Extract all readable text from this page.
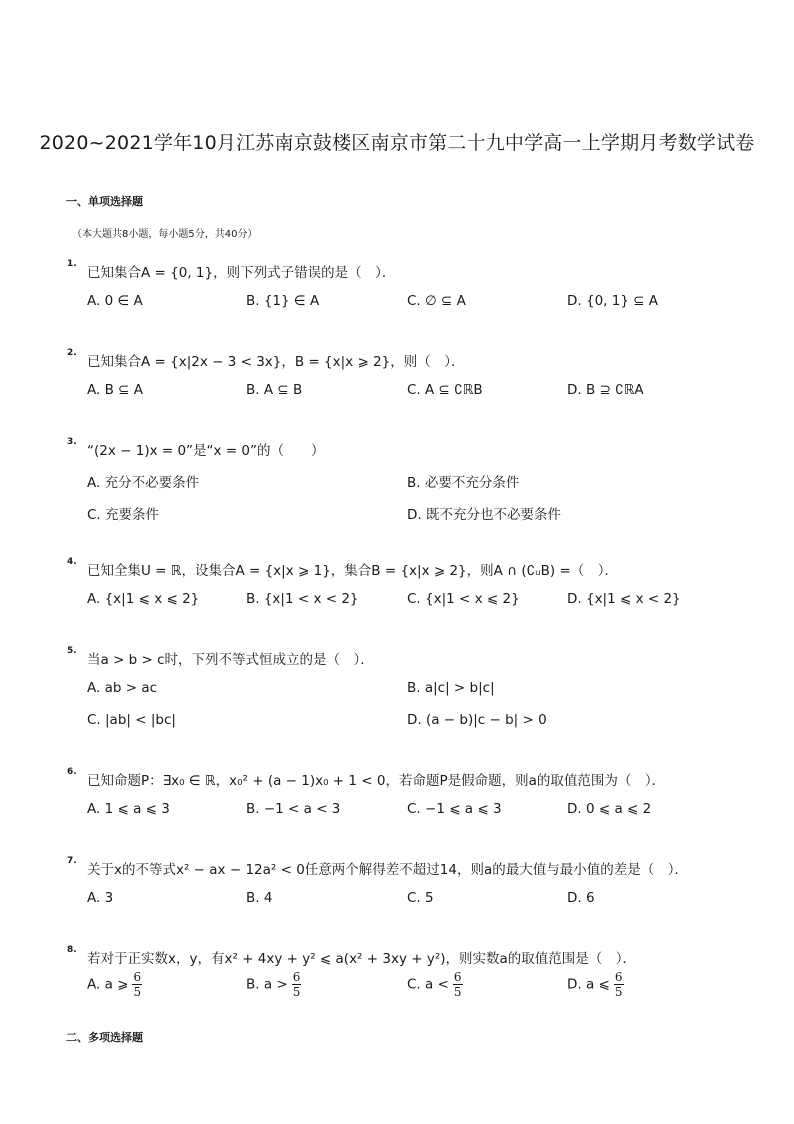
2020~2021学年10月江苏南京鼓楼区南京市第二十九中学高一上学期月考数学试卷
一、单项选择题
（本大题共8小题，每小题5分，共40分）
1.
已知集合A = {0, 1}，则下列式子错误的是（　）．
A. 0 ∈ A	B. {1} ∈ A	C. ∅ ⊆ A	D. {0, 1} ⊆ A
2.
已知集合A = {x|2x − 3 < 3x}，B = {x|x ⩾ 2}，则（　）．
A. B ⊆ A	B. A ⊆ B	C. A ⊆ ∁ℝB	D. B ⊇ ∁ℝA
3.
“(2x − 1)x = 0”是“x = 0”的（　　）
A. 充分不必要条件	B. 必要不充分条件
C. 充要条件	D. 既不充分也不必要条件
4.
已知全集U = ℝ，设集合A = {x|x ⩾ 1}，集合B = {x|x ⩾ 2}，则A ∩ (∁ᵤB) =（　）．
A. {x|1 ⩽ x ⩽ 2}	B. {x|1 < x < 2}	C. {x|1 < x ⩽ 2}	D. {x|1 ⩽ x < 2}
5.
当a > b > c时，下列不等式恒成立的是（　）．
A. ab > ac	B. a|c| > b|c|
C. |ab| < |bc|	D. (a − b)|c − b| > 0
6.
已知命题P：∃x₀ ∈ ℝ，x₀² + (a − 1)x₀ + 1 < 0，若命题P是假命题，则a的取值范围为（　）．
A. 1 ⩽ a ⩽ 3	B. −1 < a < 3	C. −1 ⩽ a ⩽ 3	D. 0 ⩽ a ⩽ 2
7.
关于x的不等式x² − ax − 12a² < 0任意两个解得差不超过14，则a的最大值与最小值的差是（　）．
A. 3	B. 4	C. 5	D. 6
8.
若对于正实数x，y，有x² + 4xy + y² ⩽ a(x² + 3xy + y²)，则实数a的取值范围是（　）．
A. a ⩾ $\frac{6}{5}$	B. $a > \frac{6}{5}$	C. $a < \frac{6}{5}$	D. a ⩽ $\frac{6}{5}$
二、多项选择题
